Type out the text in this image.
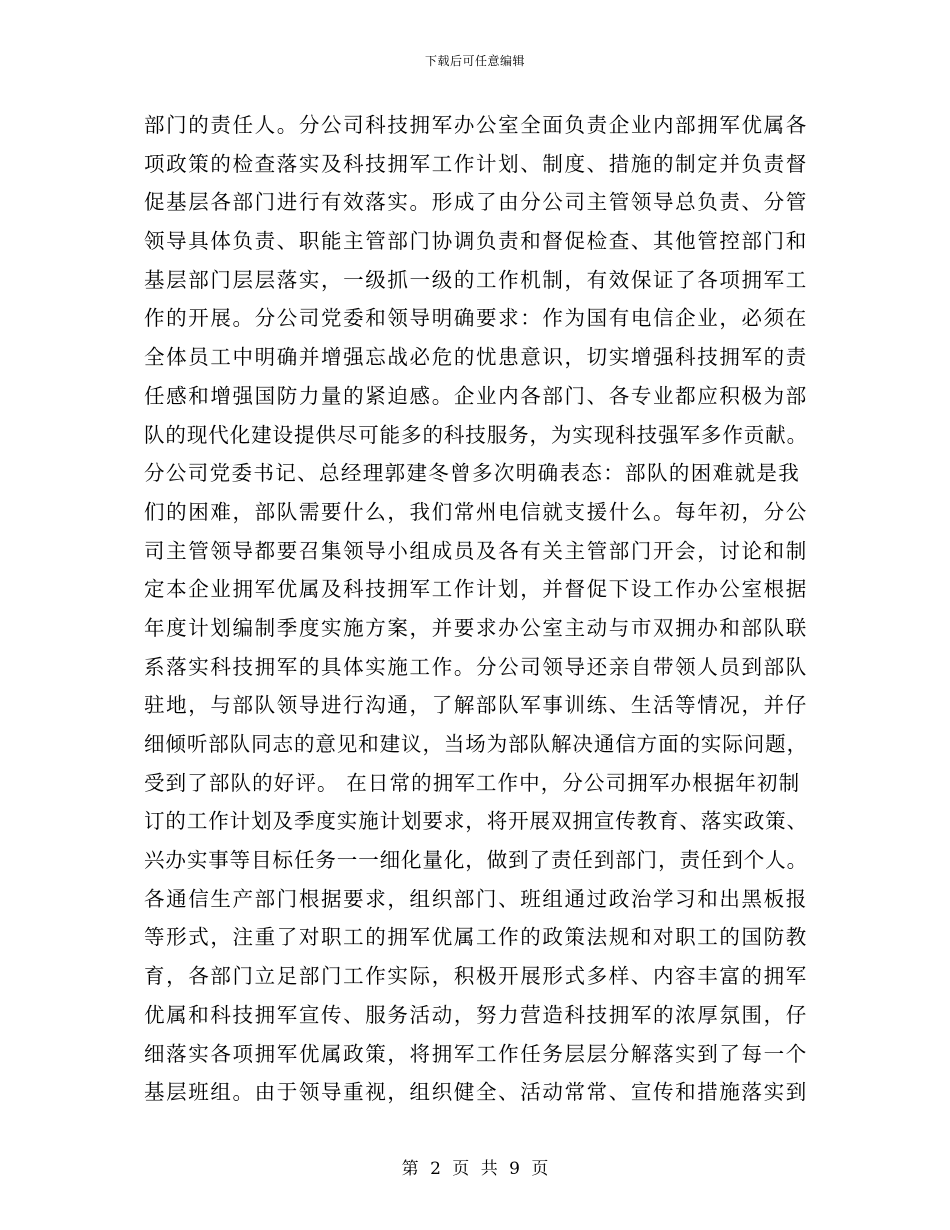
下载后可任意编辑
部门的责任人。分公司科技拥军办公室全面负责企业内部拥军优属各
项政策的检查落实及科技拥军工作计划、制度、措施的制定并负责督
促基层各部门进行有效落实。形成了由分公司主管领导总负责、分管
领导具体负责、职能主管部门协调负责和督促检查、其他管控部门和
基层部门层层落实，一级抓一级的工作机制，有效保证了各项拥军工
作的开展。分公司党委和领导明确要求：作为国有电信企业，必须在
全体员工中明确并增强忘战必危的忧患意识，切实增强科技拥军的责
任感和增强国防力量的紧迫感。企业内各部门、各专业都应积极为部
队的现代化建设提供尽可能多的科技服务，为实现科技强军多作贡献。
分公司党委书记、总经理郭建冬曾多次明确表态：部队的困难就是我
们的困难，部队需要什么，我们常州电信就支援什么。每年初，分公
司主管领导都要召集领导小组成员及各有关主管部门开会，讨论和制
定本企业拥军优属及科技拥军工作计划，并督促下设工作办公室根据
年度计划编制季度实施方案，并要求办公室主动与市双拥办和部队联
系落实科技拥军的具体实施工作。分公司领导还亲自带领人员到部队
驻地，与部队领导进行沟通，了解部队军事训练、生活等情况，并仔
细倾听部队同志的意见和建议，当场为部队解决通信方面的实际问题，
受到了部队的好评。 在日常的拥军工作中，分公司拥军办根据年初制
订的工作计划及季度实施计划要求，将开展双拥宣传教育、落实政策、
兴办实事等目标任务一一细化量化，做到了责任到部门，责任到个人。
各通信生产部门根据要求，组织部门、班组通过政治学习和出黑板报
等形式，注重了对职工的拥军优属工作的政策法规和对职工的国防教
育，各部门立足部门工作实际，积极开展形式多样、内容丰富的拥军
优属和科技拥军宣传、服务活动，努力营造科技拥军的浓厚氛围，仔
细落实各项拥军优属政策，将拥军工作任务层层分解落实到了每一个
基层班组。由于领导重视，组织健全、活动常常、宣传和措施落实到
第 2 页 共 9 页
